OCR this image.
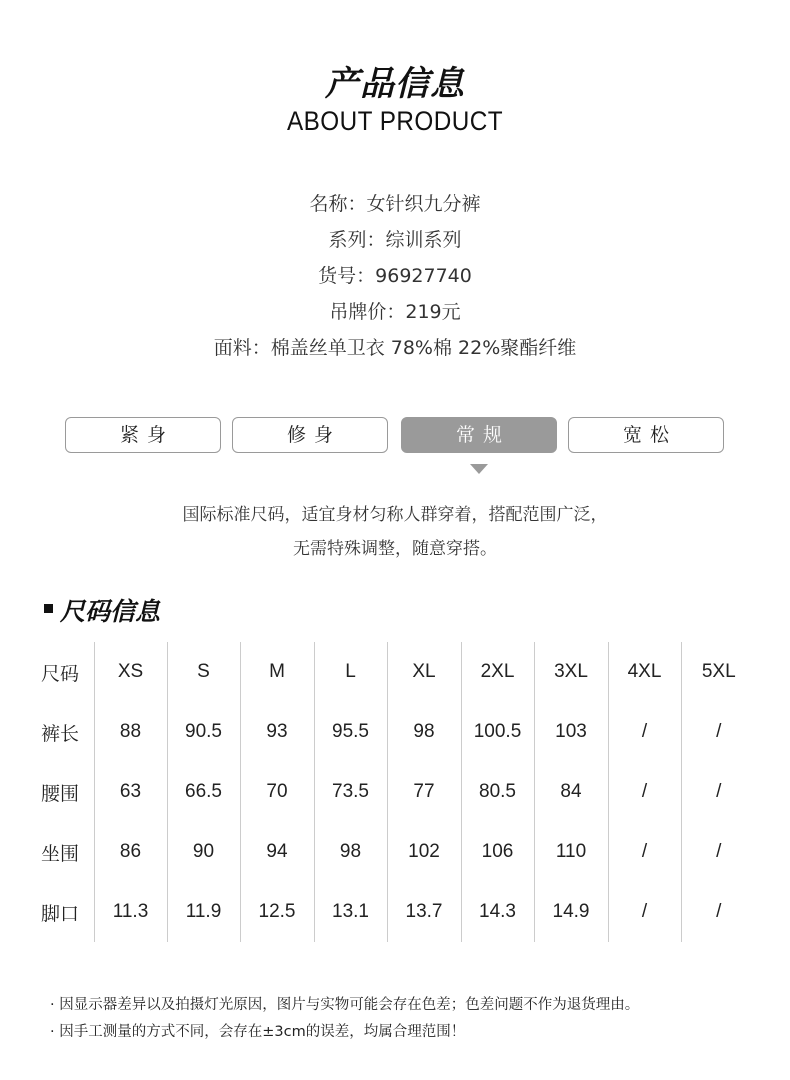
产品信息
ABOUT PRODUCT
名称：女针织九分裤
系列：综训系列
货号：96927740
吊牌价：219元
面料：棉盖丝单卫衣 78%棉 22%聚酯纤维
紧身	修身	常规	宽松
国际标准尺码，适宜身材匀称人群穿着，搭配范围广泛，
无需特殊调整，随意穿搭。
尺码信息
尺码	XS	S	M	L	XL	2XL	3XL	4XL	5XL
裤长	88	90.5	93	95.5	98	100.5	103	/	/
腰围	63	66.5	70	73.5	77	80.5	84	/	/
坐围	86	90	94	98	102	106	110	/	/
脚口	11.3	11.9	12.5	13.1	13.7	14.3	14.9	/	/
· 因显示器差异以及拍摄灯光原因，图片与实物可能会存在色差；色差问题不作为退货理由。
· 因手工测量的方式不同，会存在±3cm的误差，均属合理范围！
